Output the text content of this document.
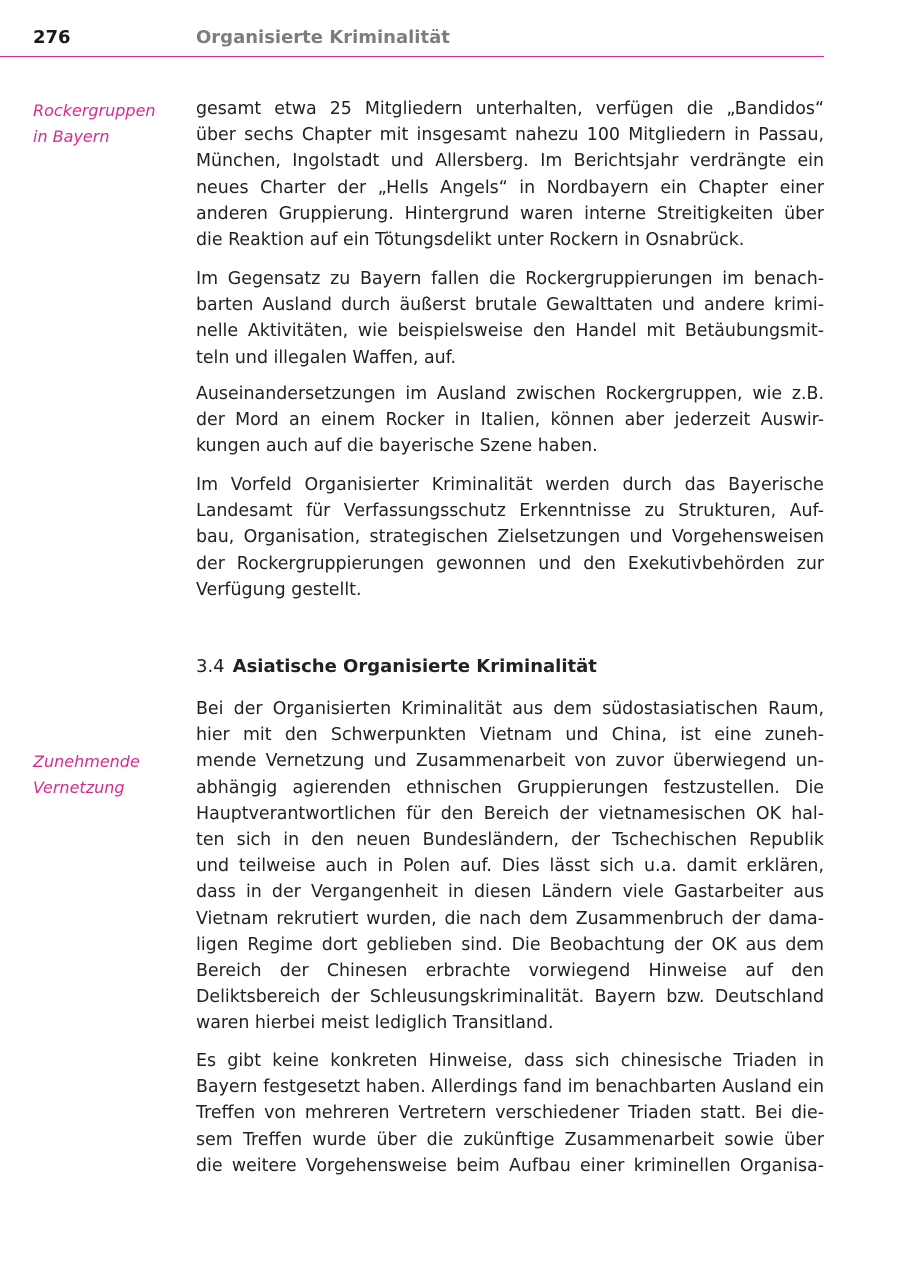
276	Organisierte Kriminalität
Rockergruppen
in Bayern
Zunehmende
Vernetzung
gesamt etwa 25 Mitgliedern unterhalten, verfügen die „Bandidos“
über sechs Chapter mit insgesamt nahezu 100 Mitgliedern in Passau,
München, Ingolstadt und Allersberg. Im Berichtsjahr verdrängte ein
neues Charter der „Hells Angels“ in Nordbayern ein Chapter einer
anderen Gruppierung. Hintergrund waren interne Streitigkeiten über
die Reaktion auf ein Tötungsdelikt unter Rockern in Osnabrück.
Im Gegensatz zu Bayern fallen die Rockergruppierungen im benach-
barten Ausland durch äußerst brutale Gewalttaten und andere krimi-
nelle Aktivitäten, wie beispielsweise den Handel mit Betäubungsmit-
teln und illegalen Waffen, auf.
Auseinandersetzungen im Ausland zwischen Rockergruppen, wie z.B.
der Mord an einem Rocker in Italien, können aber jederzeit Auswir-
kungen auch auf die bayerische Szene haben.
Im Vorfeld Organisierter Kriminalität werden durch das Bayerische
Landesamt für Verfassungsschutz Erkenntnisse zu Strukturen, Auf-
bau, Organisation, strategischen Zielsetzungen und Vorgehensweisen
der Rockergruppierungen gewonnen und den Exekutivbehörden zur
Verfügung gestellt.
3.4 Asiatische Organisierte Kriminalität
Bei der Organisierten Kriminalität aus dem südostasiatischen Raum,
hier mit den Schwerpunkten Vietnam und China, ist eine zuneh-
mende Vernetzung und Zusammenarbeit von zuvor überwiegend un-
abhängig agierenden ethnischen Gruppierungen festzustellen. Die
Hauptverantwortlichen für den Bereich der vietnamesischen OK hal-
ten sich in den neuen Bundesländern, der Tschechischen Republik
und teilweise auch in Polen auf. Dies lässt sich u.a. damit erklären,
dass in der Vergangenheit in diesen Ländern viele Gastarbeiter aus
Vietnam rekrutiert wurden, die nach dem Zusammenbruch der dama-
ligen Regime dort geblieben sind. Die Beobachtung der OK aus dem
Bereich der Chinesen erbrachte vorwiegend Hinweise auf den
Deliktsbereich der Schleusungskriminalität. Bayern bzw. Deutschland
waren hierbei meist lediglich Transitland.
Es gibt keine konkreten Hinweise, dass sich chinesische Triaden in
Bayern festgesetzt haben. Allerdings fand im benachbarten Ausland ein
Treffen von mehreren Vertretern verschiedener Triaden statt. Bei die-
sem Treffen wurde über die zukünftige Zusammenarbeit sowie über
die weitere Vorgehensweise beim Aufbau einer kriminellen Organisa-
